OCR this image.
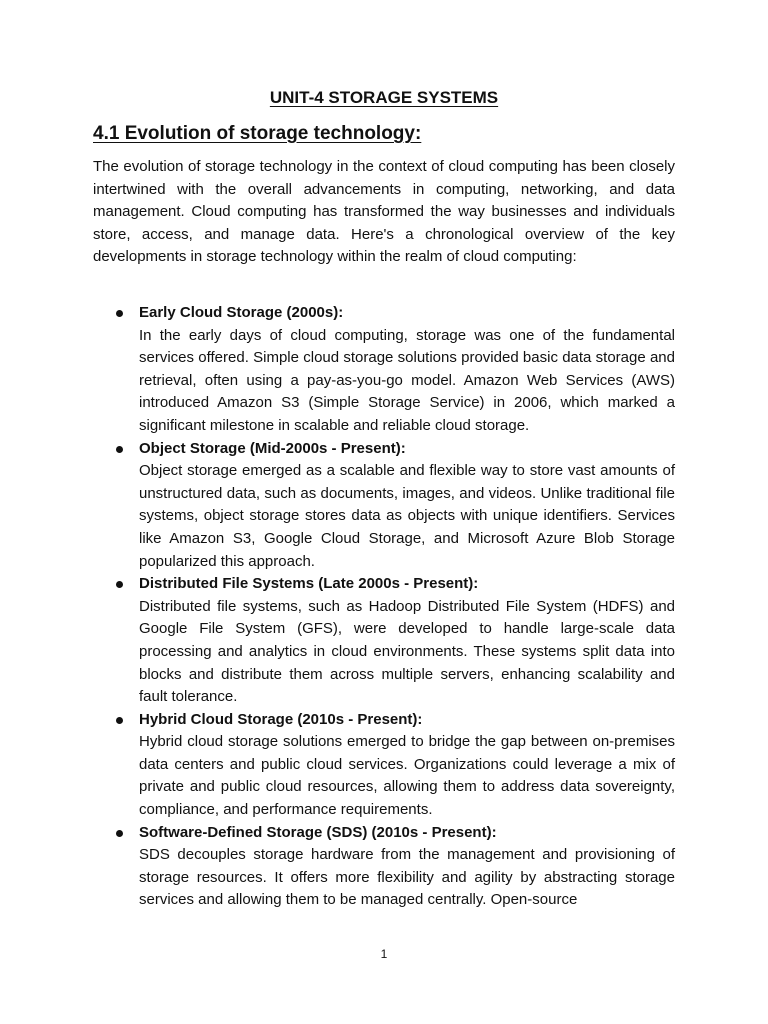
UNIT-4 STORAGE SYSTEMS
4.1 Evolution of storage technology:

The evolution of storage technology in the context of cloud computing has been closely intertwined with the overall advancements in computing, networking, and data management. Cloud computing has transformed the way businesses and individuals store, access, and manage data. Here's a chronological overview of the key developments in storage technology within the realm of cloud computing:

Early Cloud Storage (2000s):
In the early days of cloud computing, storage was one of the fundamental services offered. Simple cloud storage solutions provided basic data storage and retrieval, often using a pay-as-you-go model. Amazon Web Services (AWS) introduced Amazon S3 (Simple Storage Service) in 2006, which marked a significant milestone in scalable and reliable cloud storage.
Object Storage (Mid-2000s - Present):
Object storage emerged as a scalable and flexible way to store vast amounts of unstructured data, such as documents, images, and videos. Unlike traditional file systems, object storage stores data as objects with unique identifiers. Services like Amazon S3, Google Cloud Storage, and Microsoft Azure Blob Storage popularized this approach.
Distributed File Systems (Late 2000s - Present):
Distributed file systems, such as Hadoop Distributed File System (HDFS) and Google File System (GFS), were developed to handle large-scale data processing and analytics in cloud environments. These systems split data into blocks and distribute them across multiple servers, enhancing scalability and fault tolerance.
Hybrid Cloud Storage (2010s - Present):
Hybrid cloud storage solutions emerged to bridge the gap between on-premises data centers and public cloud services. Organizations could leverage a mix of private and public cloud resources, allowing them to address data sovereignty, compliance, and performance requirements.
Software-Defined Storage (SDS) (2010s - Present):
SDS decouples storage hardware from the management and provisioning of storage resources. It offers more flexibility and agility by abstracting storage services and allowing them to be managed centrally. Open-source
1
